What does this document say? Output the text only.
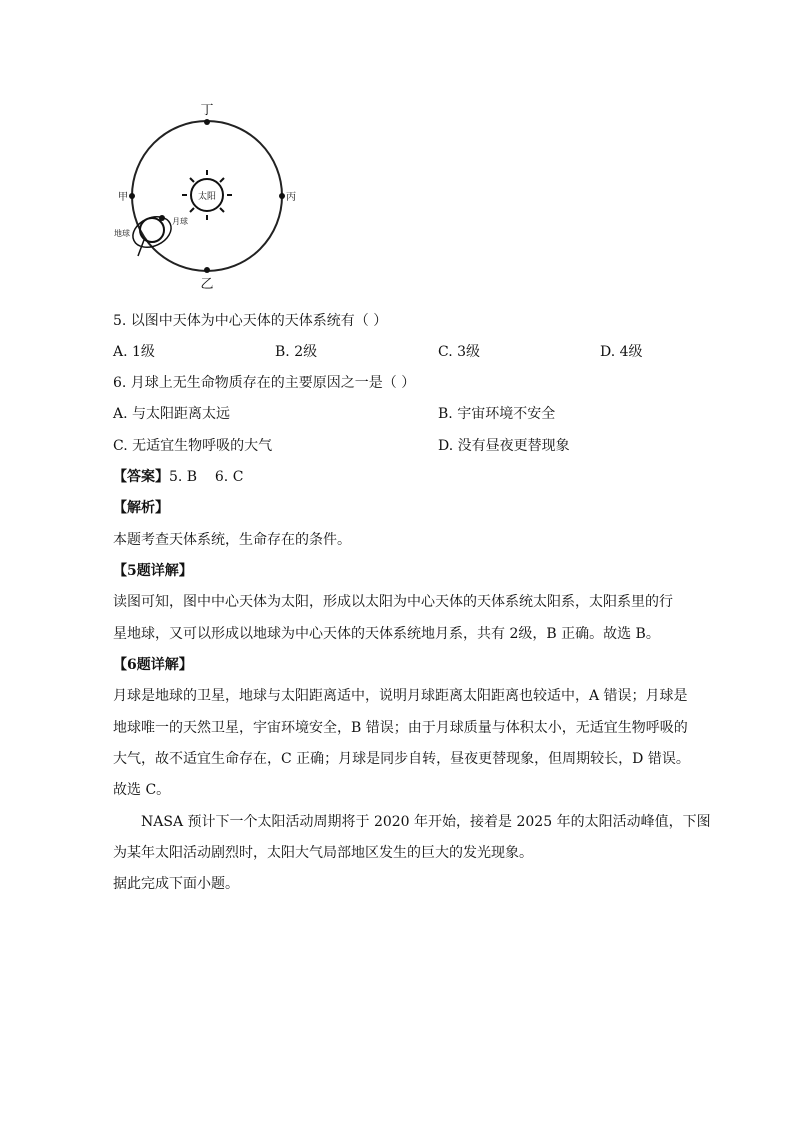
太阳
丁
乙
丙
甲
地球
月球
5. 以图中天体为中心天体的天体系统有（ ）
A. 1级	B. 2级	C. 3级	D. 4级
6. 月球上无生命物质存在的主要原因之一是（ ）
A. 与太阳距离太远	B. 宇宙环境不安全
C. 无适宜生物呼吸的大气	D. 没有昼夜更替现象
【答案】5. B    6. C
【解析】
本题考查天体系统，生命存在的条件。
【5题详解】
读图可知，图中中心天体为太阳，形成以太阳为中心天体的天体系统太阳系，太阳系里的行
星地球，又可以形成以地球为中心天体的天体系统地月系，共有 2级，B 正确。故选 B。
【6题详解】
月球是地球的卫星，地球与太阳距离适中，说明月球距离太阳距离也较适中，A 错误；月球是
地球唯一的天然卫星，宇宙环境安全，B 错误；由于月球质量与体积太小，无适宜生物呼吸的
大气，故不适宜生命存在，C 正确；月球是同步自转，昼夜更替现象，但周期较长，D 错误。
故选 C。
NASA 预计下一个太阳活动周期将于 2020 年开始，接着是 2025 年的太阳活动峰值，下图
为某年太阳活动剧烈时，太阳大气局部地区发生的巨大的发光现象。
据此完成下面小题。
